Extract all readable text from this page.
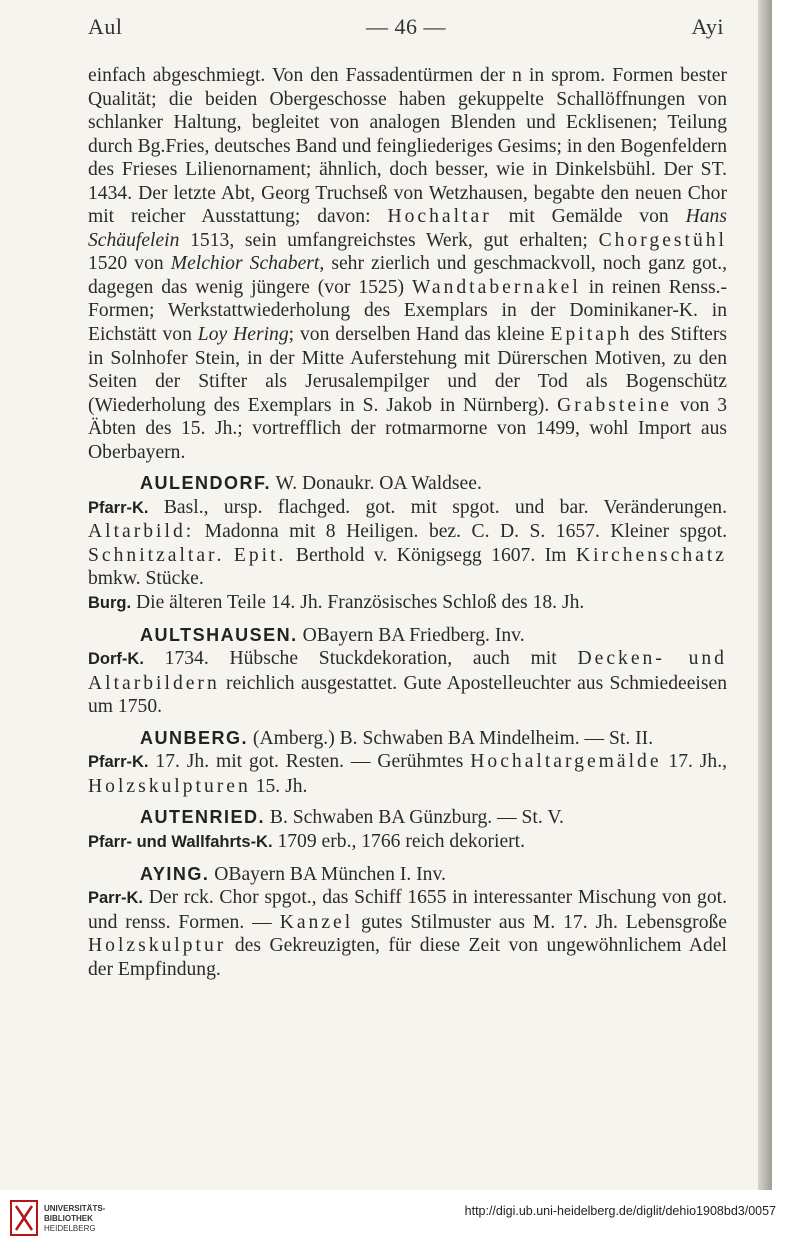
Aul	— 46 —	Ayi

einfach abgeschmiegt. Von den Fassadentürmen der n in sprom. Formen bester Qualität; die beiden Obergeschosse haben gekuppelte Schallöffnungen von schlanker Haltung, begleitet von analogen Blenden und Ecklisenen; Teilung durch Bg.Fries, deutsches Band und feingliederiges Gesims; in den Bogenfeldern des Frieses Lilienornament; ähnlich, doch besser, wie in Dinkelsbühl. Der ST. 1434. Der letzte Abt, Georg Truchseß von Wetzhausen, begabte den neuen Chor mit reicher Ausstattung; davon: Hochaltar mit Gemälde von Hans Schäufelein 1513, sein umfangreichstes Werk, gut erhalten; Chorgestühl 1520 von Melchior Schabert, sehr zierlich und geschmackvoll, noch ganz got., dagegen das wenig jüngere (vor 1525) Wandtabernakel in reinen Renss.-Formen; Werkstattwiederholung des Exemplars in der Dominikaner-K. in Eichstätt von Loy Hering; von derselben Hand das kleine Epitaph des Stifters in Solnhofer Stein, in der Mitte Auferstehung mit Dürerschen Motiven, zu den Seiten der Stifter als Jerusalempilger und der Tod als Bogenschütz (Wiederholung des Exemplars in S. Jakob in Nürnberg). Grabsteine von 3 Äbten des 15. Jh.; vortrefflich der rotmarmorne von 1499, wohl Import aus Oberbayern.

AULENDORF. W. Donaukr. OA Waldsee.

Pfarr-K. Basl., ursp. flachged. got. mit spgot. und bar. Veränderungen. Altarbild: Madonna mit 8 Heiligen. bez. C. D. S. 1657. Kleiner spgot. Schnitzaltar. Epit. Berthold v. Königsegg 1607. Im Kirchenschatz bmkw. Stücke.

Burg. Die älteren Teile 14. Jh. Französisches Schloß des 18. Jh.

AULTSHAUSEN. OBayern BA Friedberg. Inv.

Dorf-K. 1734. Hübsche Stuckdekoration, auch mit Decken- und Altarbildern reichlich ausgestattet. Gute Apostelleuchter aus Schmiedeeisen um 1750.

AUNBERG. (Amberg.) B. Schwaben BA Mindelheim. — St. II.

Pfarr-K. 17. Jh. mit got. Resten. — Gerühmtes Hochaltargemälde 17. Jh., Holzskulpturen 15. Jh.

AUTENRIED. B. Schwaben BA Günzburg. — St. V.

Pfarr- und Wallfahrts-K. 1709 erb., 1766 reich dekoriert.

AYING. OBayern BA München I. Inv.

Parr-K. Der rck. Chor spgot., das Schiff 1655 in interessanter Mischung von got. und renss. Formen. — Kanzel gutes Stilmuster aus M. 17. Jh. Lebensgroße Holzskulptur des Gekreuzigten, für diese Zeit von ungewöhnlichem Adel der Empfindung.

UNIVERSITÄTS-
BIBLIOTHEK
HEIDELBERG
http://digi.ub.uni-heidelberg.de/diglit/dehio1908bd3/0057
